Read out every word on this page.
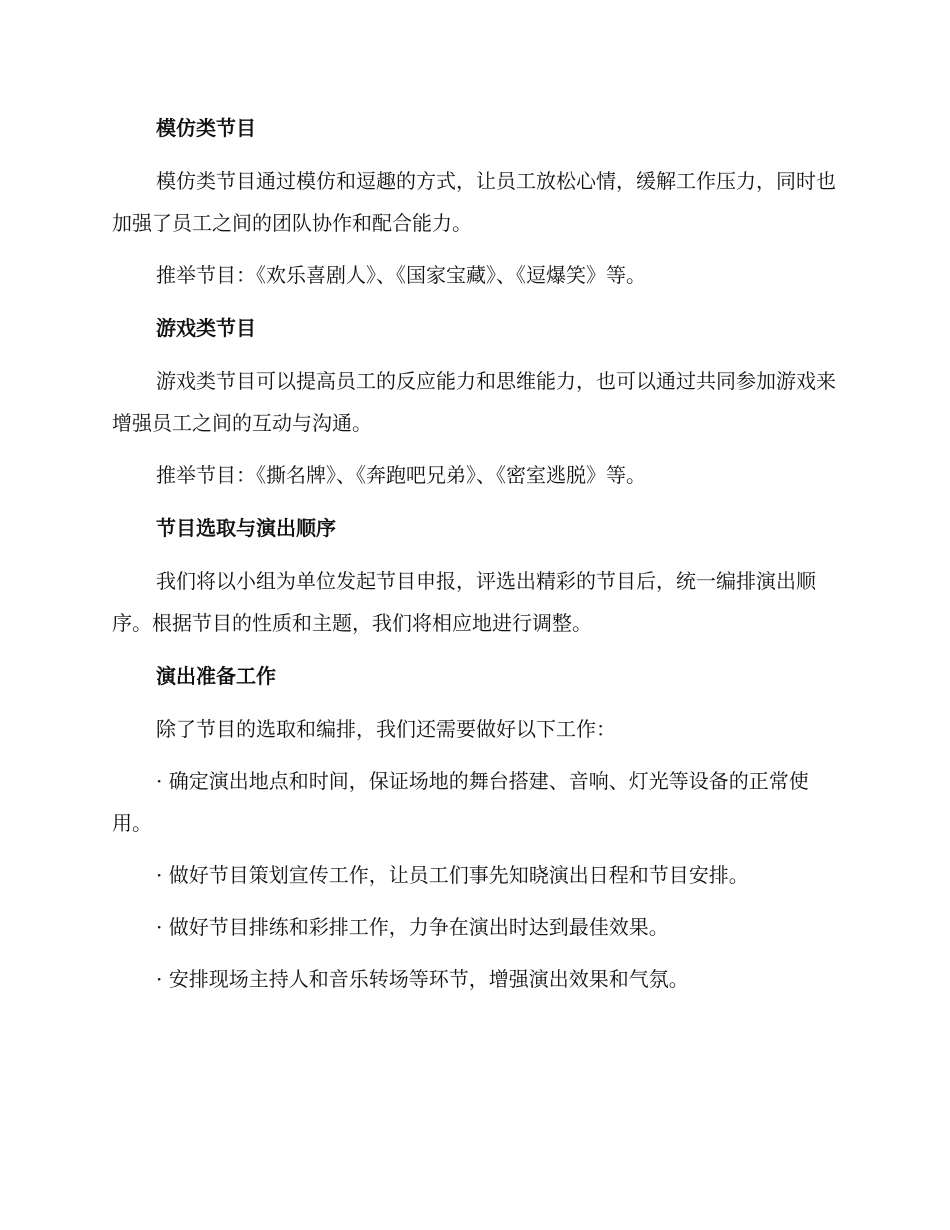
模仿类节目

模仿类节目通过模仿和逗趣的方式，让员工放松心情，缓解工作压力，同时也加强了员工之间的团队协作和配合能力。

推举节目：《欢乐喜剧人》、《国家宝藏》、《逗爆笑》等。

游戏类节目

游戏类节目可以提高员工的反应能力和思维能力，也可以通过共同参加游戏来增强员工之间的互动与沟通。

推举节目：《撕名牌》、《奔跑吧兄弟》、《密室逃脱》等。

节目选取与演出顺序

我们将以小组为单位发起节目申报，评选出精彩的节目后，统一编排演出顺序。根据节目的性质和主题，我们将相应地进行调整。

演出准备工作

除了节目的选取和编排，我们还需要做好以下工作：

· 确定演出地点和时间，保证场地的舞台搭建、音响、灯光等设备的正常使用。

· 做好节目策划宣传工作，让员工们事先知晓演出日程和节目安排。

· 做好节目排练和彩排工作，力争在演出时达到最佳效果。

· 安排现场主持人和音乐转场等环节，增强演出效果和气氛。
